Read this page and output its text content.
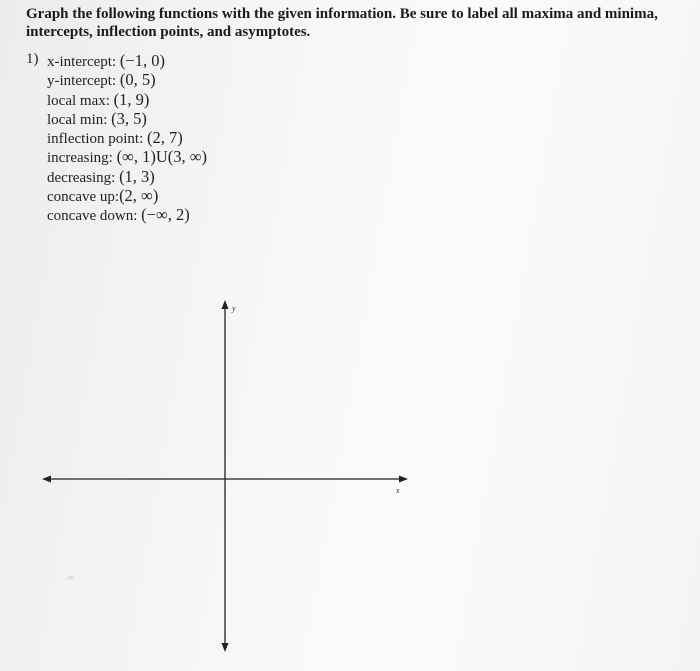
Graph the following functions with the given information. Be sure to label all maxima and minima, intercepts, inflection points, and asymptotes.
1) x-intercept: (−1, 0)
y-intercept: (0, 5)
local max: (1, 9)
local min: (3, 5)
inflection point: (2, 7)
increasing: (∞, 1)U(3, ∞)
decreasing: (1, 3)
concave up:(2, ∞)
concave down: (−∞, 2)
y
x
